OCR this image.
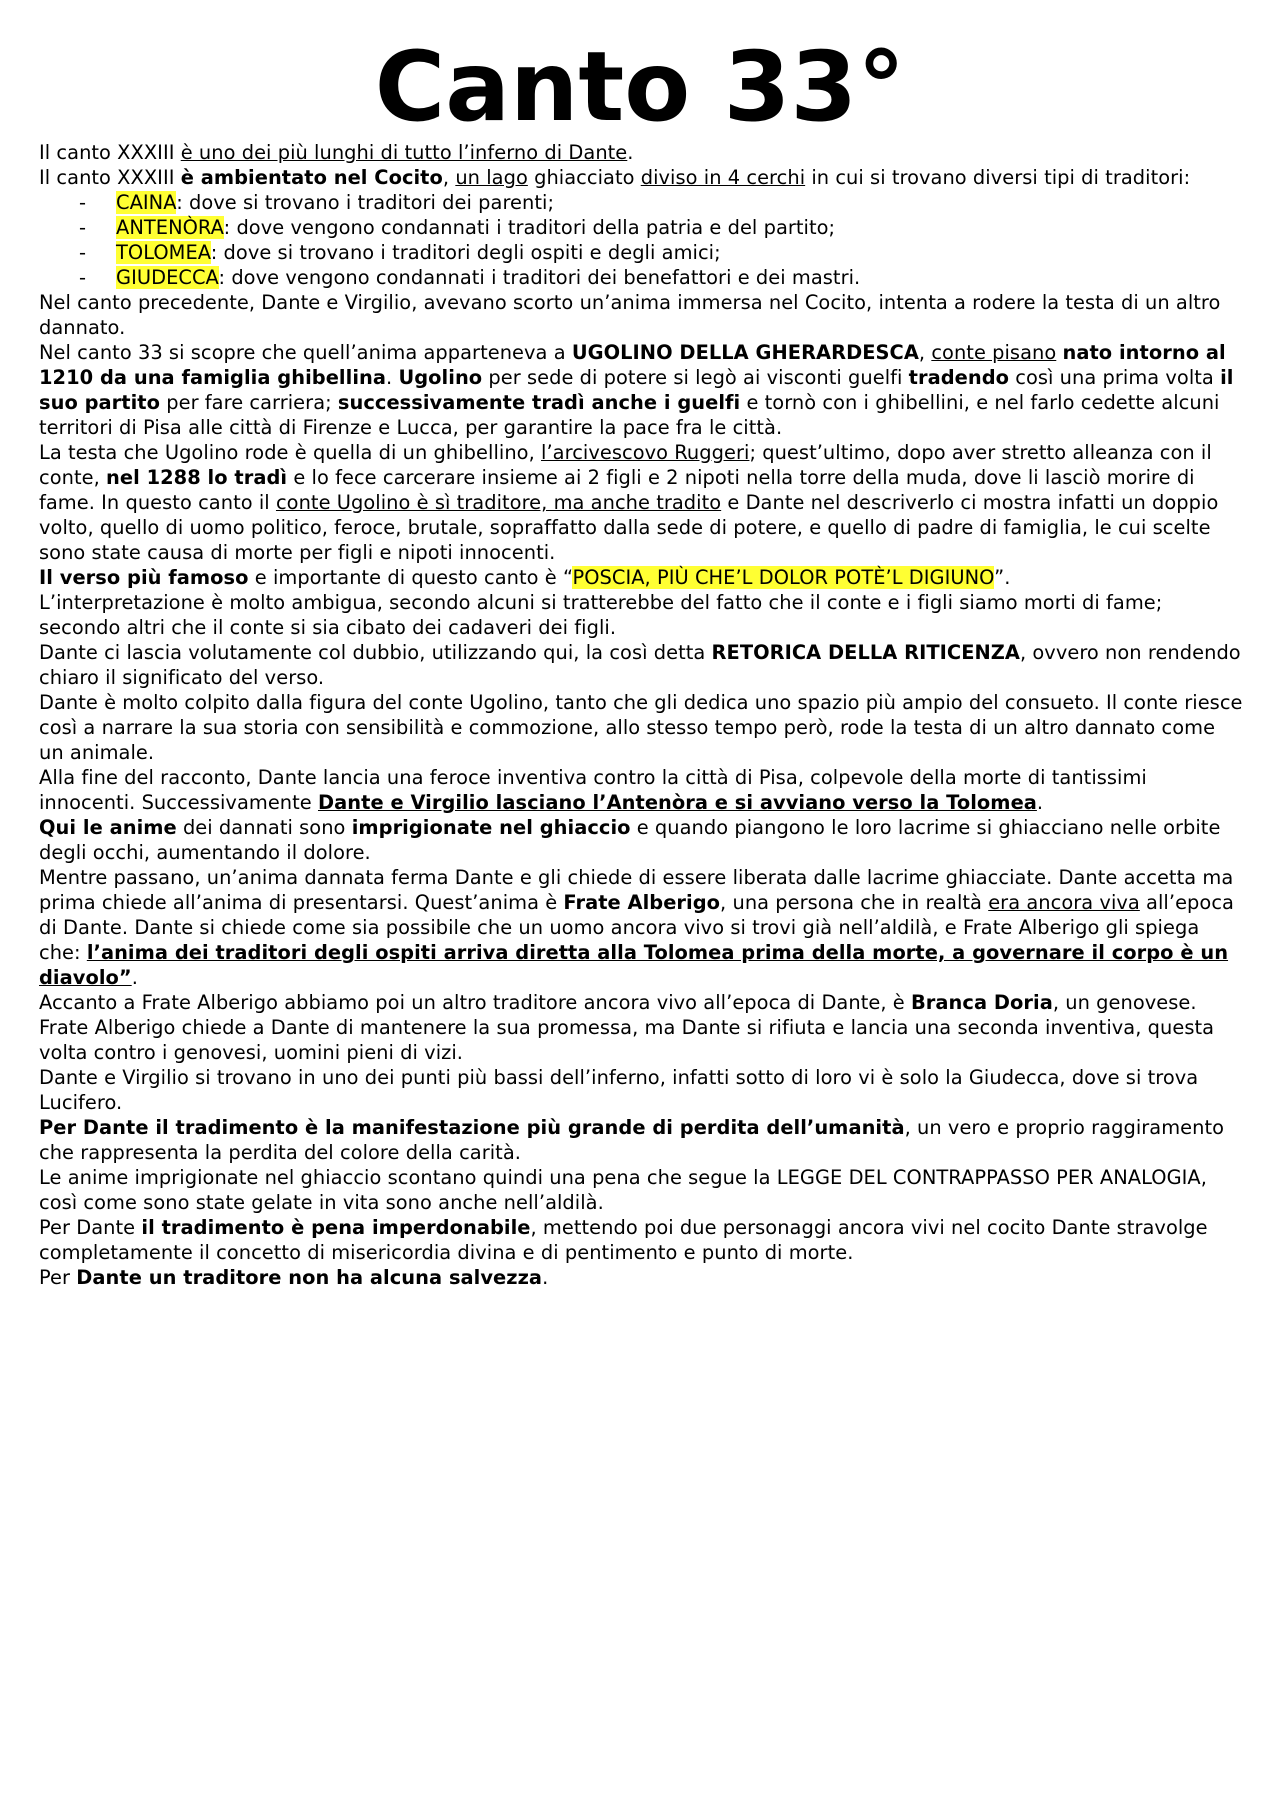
Canto 33°

Il canto XXXIII è uno dei più lunghi di tutto l’inferno di Dante.

Il canto XXXIII è ambientato nel Cocito, un lago ghiacciato diviso in 4 cerchi in cui si trovano diversi tipi di traditori:

- CAINA: dove si trovano i traditori dei parenti;
- ANTENÒRA: dove vengono condannati i traditori della patria e del partito;
- TOLOMEA: dove si trovano i traditori degli ospiti e degli amici;
- GIUDECCA: dove vengono condannati i traditori dei benefattori e dei mastri.

Nel canto precedente, Dante e Virgilio, avevano scorto un’anima immersa nel Cocito, intenta a rodere la testa di un altro dannato.

Nel canto 33 si scopre che quell’anima apparteneva a UGOLINO DELLA GHERARDESCA, conte pisano nato intorno al 1210 da una famiglia ghibellina. Ugolino per sede di potere si legò ai visconti guelfi tradendo così una prima volta il suo partito per fare carriera; successivamente tradì anche i guelfi e tornò con i ghibellini, e nel farlo cedette alcuni territori di Pisa alle città di Firenze e Lucca, per garantire la pace fra le città.

La testa che Ugolino rode è quella di un ghibellino, l’arcivescovo Ruggeri; quest’ultimo, dopo aver stretto alleanza con il conte, nel 1288 lo tradì e lo fece carcerare insieme ai 2 figli e 2 nipoti nella torre della muda, dove li lasciò morire di fame. In questo canto il conte Ugolino è sì traditore, ma anche tradito e Dante nel descriverlo ci mostra infatti un doppio volto, quello di uomo politico, feroce, brutale, sopraffatto dalla sede di potere, e quello di padre di famiglia, le cui scelte sono state causa di morte per figli e nipoti innocenti.

Il verso più famoso e importante di questo canto è “POSCIA, PIÙ CHE’L DOLOR POTÈ’L DIGIUNO”.

L’interpretazione è molto ambigua, secondo alcuni si tratterebbe del fatto che il conte e i figli siamo morti di fame; secondo altri che il conte si sia cibato dei cadaveri dei figli.

Dante ci lascia volutamente col dubbio, utilizzando qui, la così detta RETORICA DELLA RITICENZA, ovvero non rendendo chiaro il significato del verso.

Dante è molto colpito dalla figura del conte Ugolino, tanto che gli dedica uno spazio più ampio del consueto. Il conte riesce così a narrare la sua storia con sensibilità e commozione, allo stesso tempo però, rode la testa di un altro dannato come un animale.

Alla fine del racconto, Dante lancia una feroce inventiva contro la città di Pisa, colpevole della morte di tantissimi innocenti. Successivamente Dante e Virgilio lasciano l’Antenòra e si avviano verso la Tolomea.

Qui le anime dei dannati sono imprigionate nel ghiaccio e quando piangono le loro lacrime si ghiacciano nelle orbite degli occhi, aumentando il dolore.

Mentre passano, un’anima dannata ferma Dante e gli chiede di essere liberata dalle lacrime ghiacciate. Dante accetta ma prima chiede all’anima di presentarsi. Quest’anima è Frate Alberigo, una persona che in realtà era ancora viva all’epoca di Dante. Dante si chiede come sia possibile che un uomo ancora vivo si trovi già nell’aldilà, e Frate Alberigo gli spiega che: l’anima dei traditori degli ospiti arriva diretta alla Tolomea prima della morte, a governare il corpo è un diavolo”.

Accanto a Frate Alberigo abbiamo poi un altro traditore ancora vivo all’epoca di Dante, è Branca Doria, un genovese.

Frate Alberigo chiede a Dante di mantenere la sua promessa, ma Dante si rifiuta e lancia una seconda inventiva, questa volta contro i genovesi, uomini pieni di vizi.

Dante e Virgilio si trovano in uno dei punti più bassi dell’inferno, infatti sotto di loro vi è solo la Giudecca, dove si trova Lucifero.

Per Dante il tradimento è la manifestazione più grande di perdita dell’umanità, un vero e proprio raggiramento che rappresenta la perdita del colore della carità.

Le anime imprigionate nel ghiaccio scontano quindi una pena che segue la LEGGE DEL CONTRAPPASSO PER ANALOGIA, così come sono state gelate in vita sono anche nell’aldilà.

Per Dante il tradimento è pena imperdonabile, mettendo poi due personaggi ancora vivi nel cocito Dante stravolge completamente il concetto di misericordia divina e di pentimento e punto di morte.

Per Dante un traditore non ha alcuna salvezza.
